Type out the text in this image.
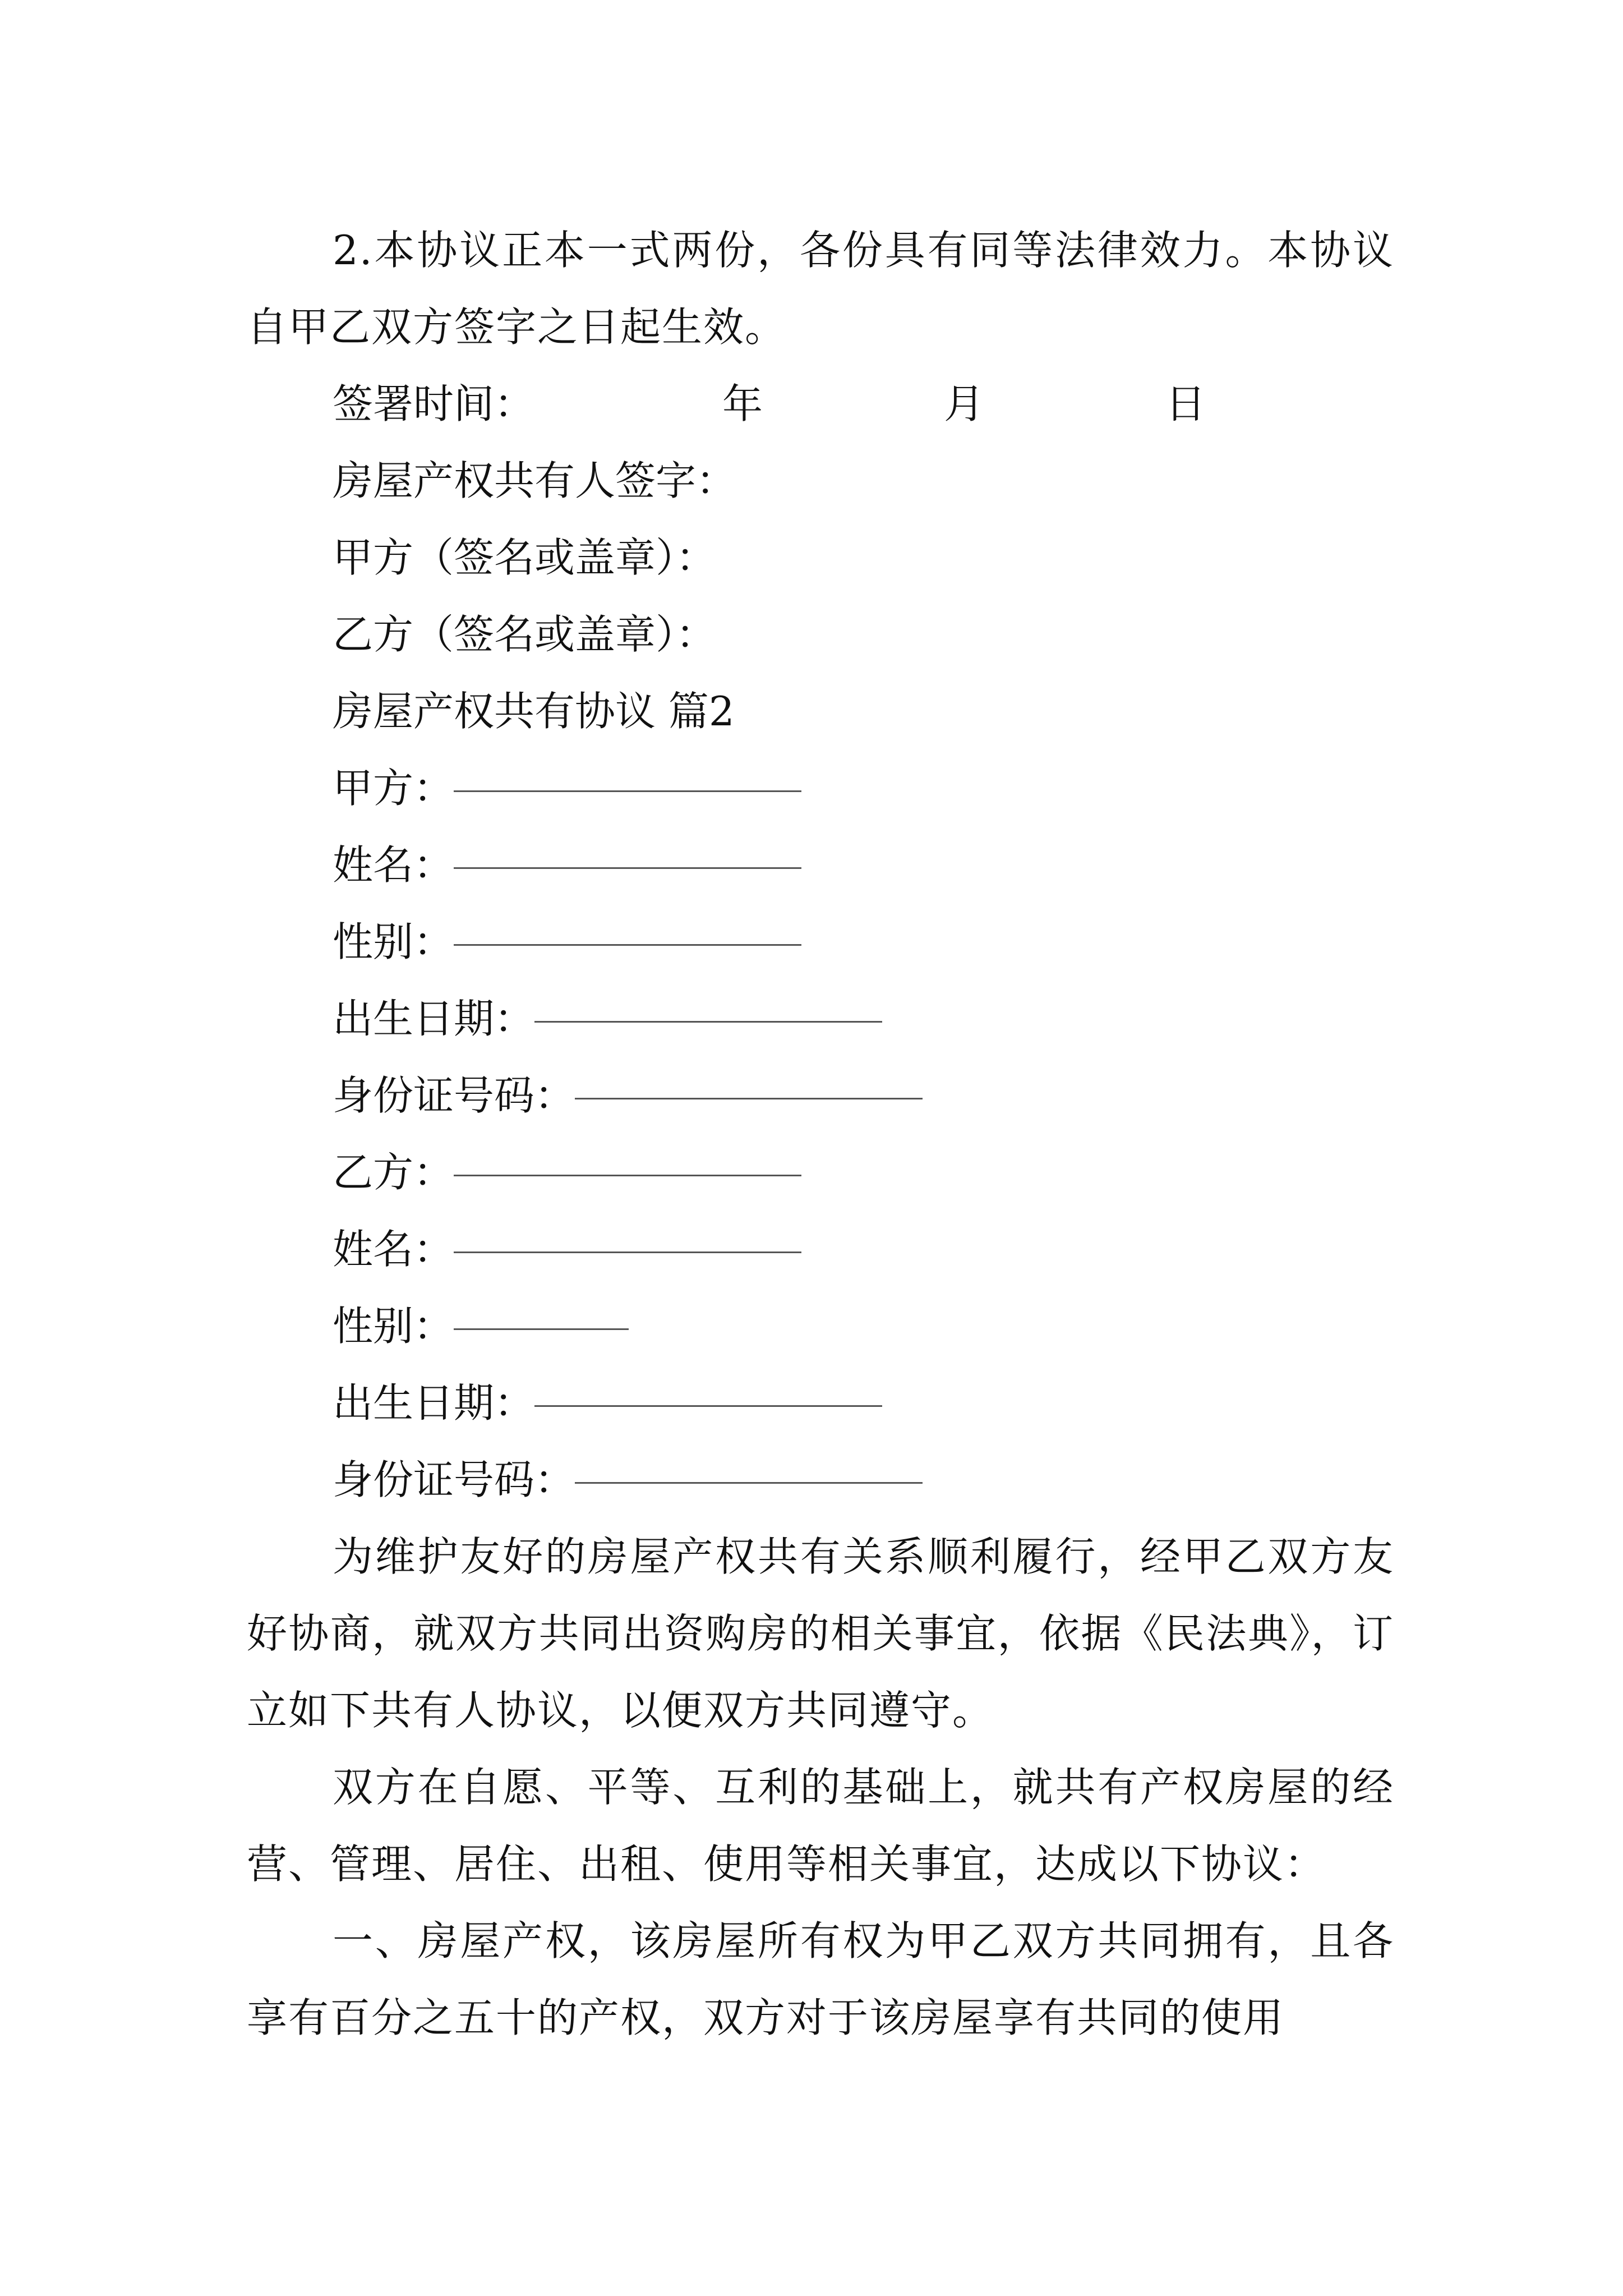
2.本协议正本一式两份，各份具有同等法律效力。本协议自甲乙双方签字之日起生效。

签署时间：	年	月	日

房屋产权共有人签字：

甲方（签名或盖章）：

乙方（签名或盖章）：

房屋产权共有协议 篇2

甲方：

姓名：

性别：

出生日期：

身份证号码：

乙方：

姓名：

性别：

出生日期：

身份证号码：

为维护友好的房屋产权共有关系顺利履行，经甲乙双方友好协商，就双方共同出资购房的相关事宜，依据《民法典》，订立如下共有人协议，以便双方共同遵守。

双方在自愿、平等、互利的基础上，就共有产权房屋的经营、管理、居住、出租、使用等相关事宜，达成以下协议：

一、房屋产权，该房屋所有权为甲乙双方共同拥有，且各享有百分之五十的产权，双方对于该房屋享有共同的使用
